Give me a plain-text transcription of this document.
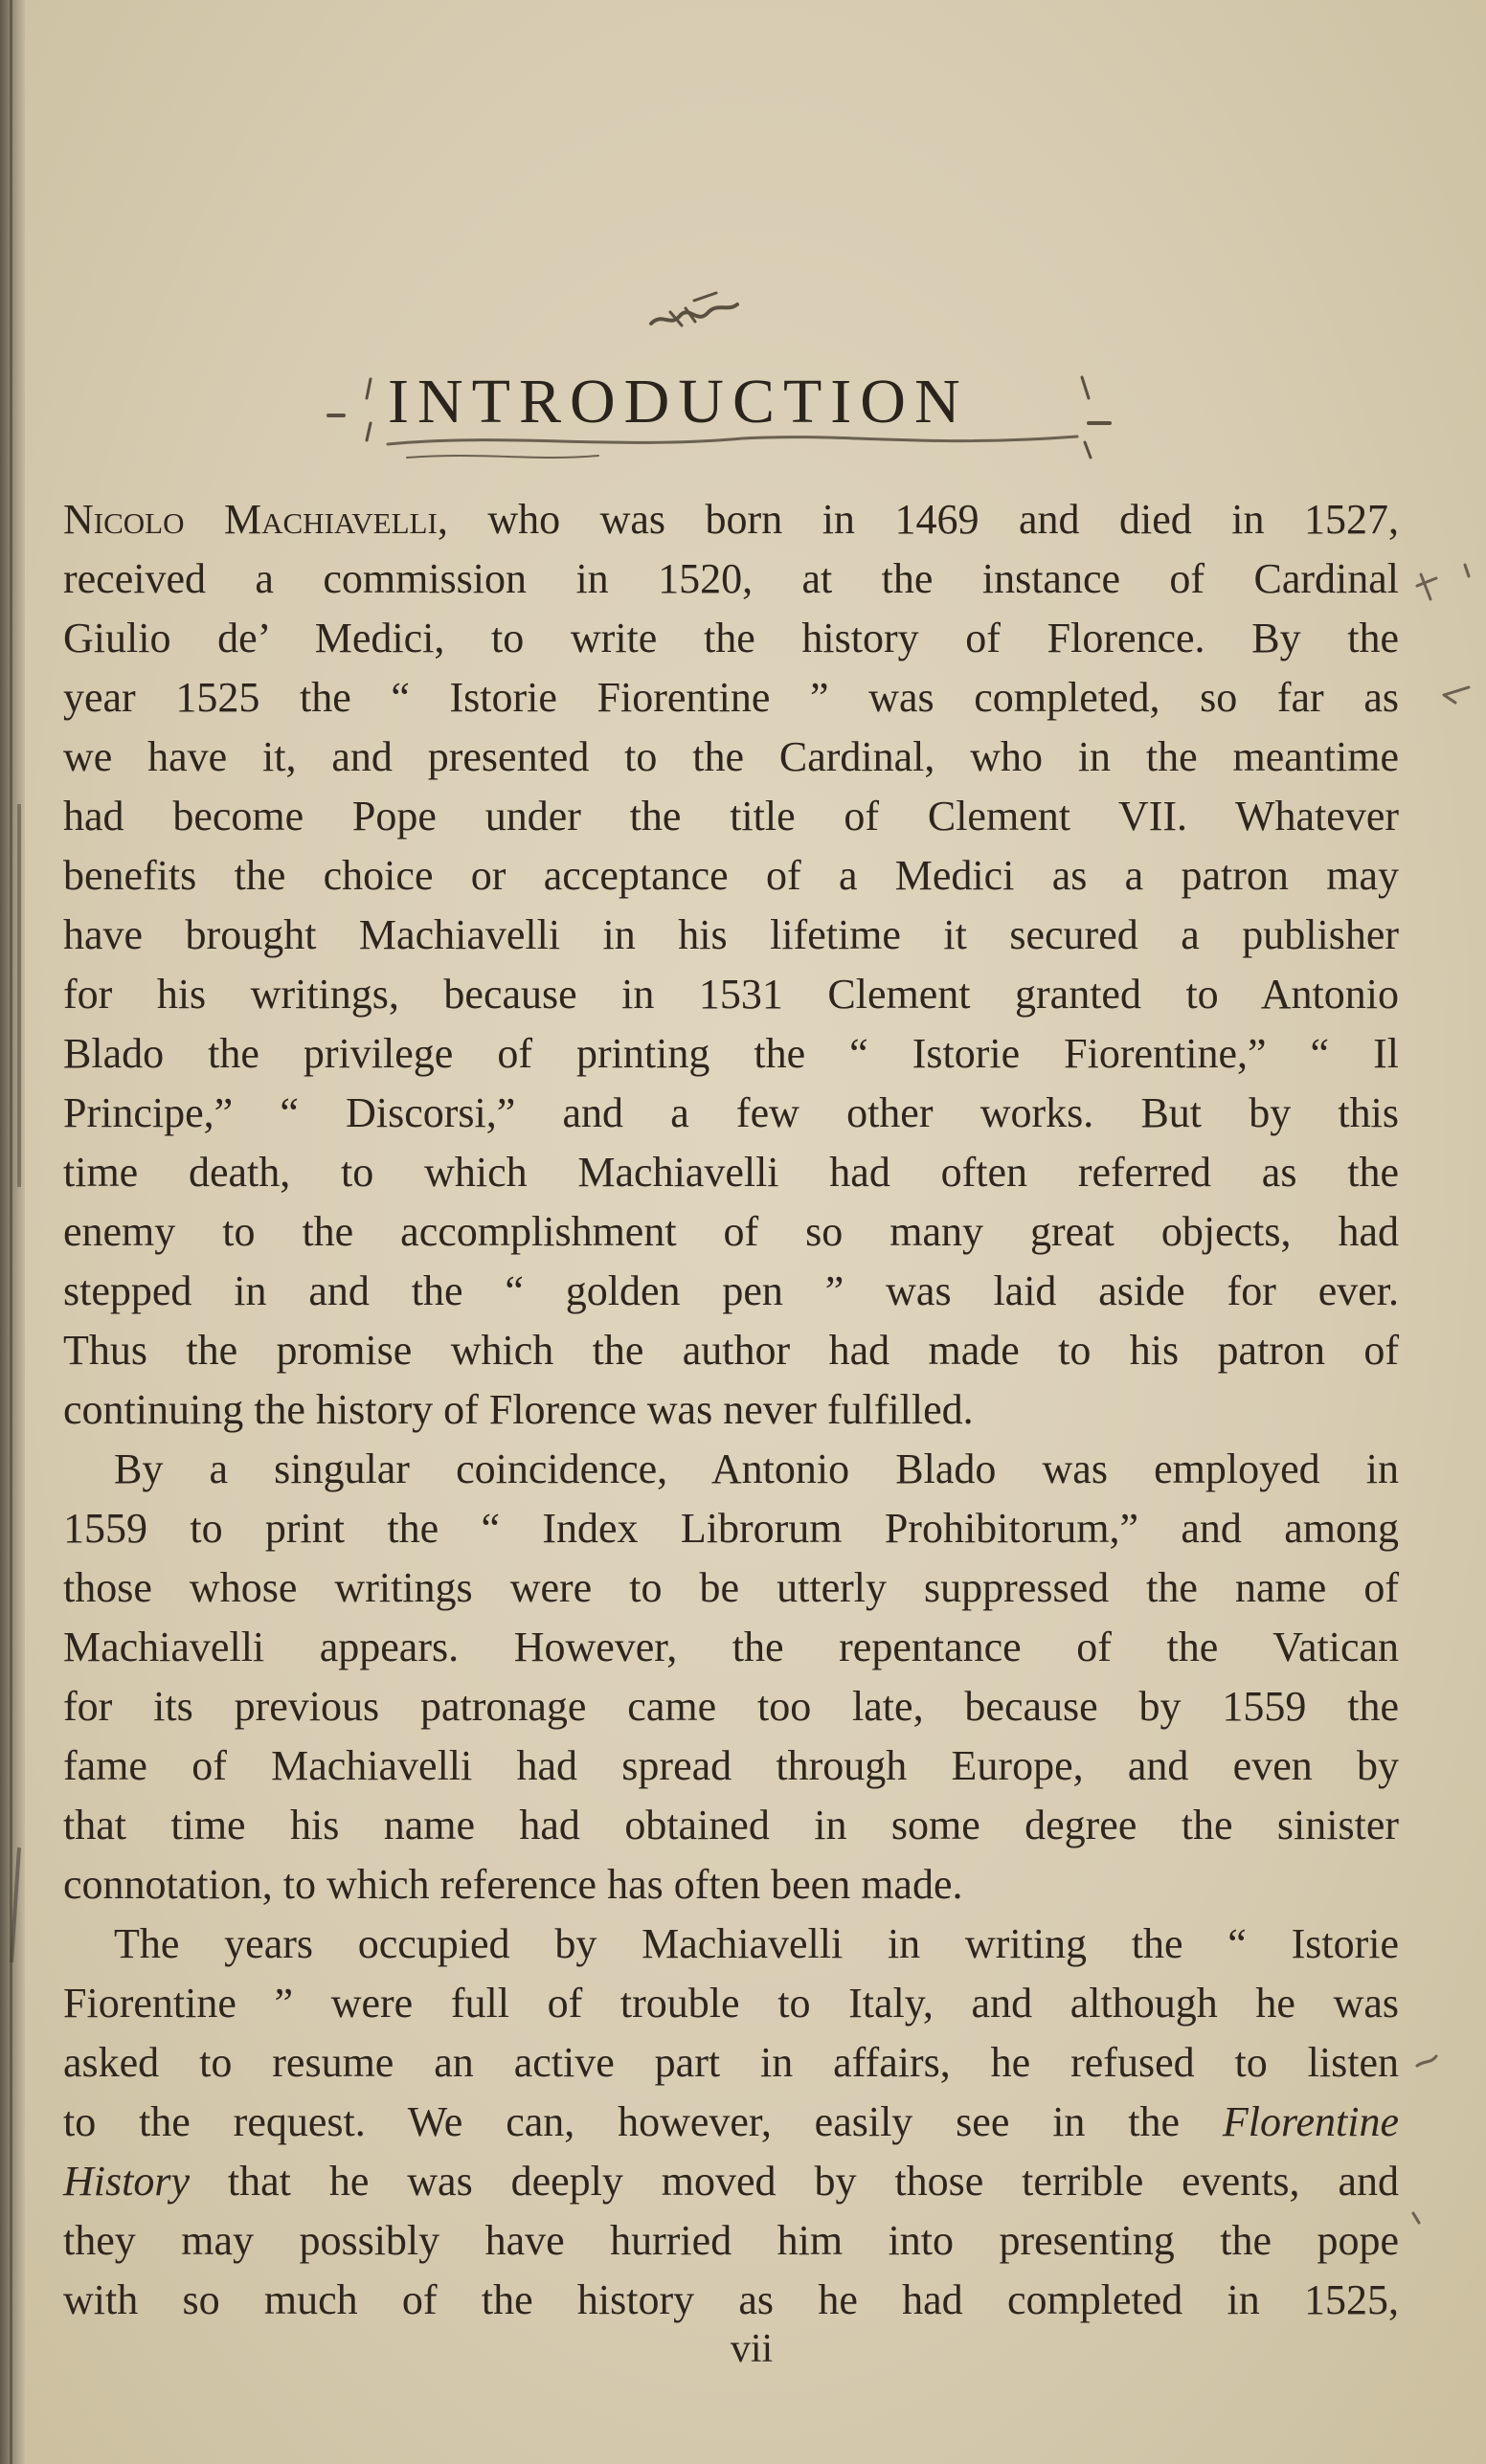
INTRODUCTION
Nicolo Machiavelli, who was born in 1469 and died in 1527,
received a commission in 1520, at the instance of Cardinal
Giulio de’ Medici, to write the history of Florence. By the
year 1525 the “ Istorie Fiorentine ” was completed, so far as
we have it, and presented to the Cardinal, who in the meantime
had become Pope under the title of Clement VII. Whatever
benefits the choice or acceptance of a Medici as a patron may
have brought Machiavelli in his lifetime it secured a publisher
for his writings, because in 1531 Clement granted to Antonio
Blado the privilege of printing the “ Istorie Fiorentine,” “ Il
Principe,” “ Discorsi,” and a few other works. But by this
time death, to which Machiavelli had often referred as the
enemy to the accomplishment of so many great objects, had
stepped in and the “ golden pen ” was laid aside for ever.
Thus the promise which the author had made to his patron of
continuing the history of Florence was never fulfilled.
By a singular coincidence, Antonio Blado was employed in
1559 to print the “ Index Librorum Prohibitorum,” and among
those whose writings were to be utterly suppressed the name of
Machiavelli appears. However, the repentance of the Vatican
for its previous patronage came too late, because by 1559 the
fame of Machiavelli had spread through Europe, and even by
that time his name had obtained in some degree the sinister
connotation, to which reference has often been made.
The years occupied by Machiavelli in writing the “ Istorie
Fiorentine ” were full of trouble to Italy, and although he was
asked to resume an active part in affairs, he refused to listen
to the request. We can, however, easily see in the Florentine
History that he was deeply moved by those terrible events, and
they may possibly have hurried him into presenting the pope
with so much of the history as he had completed in 1525,
vii
